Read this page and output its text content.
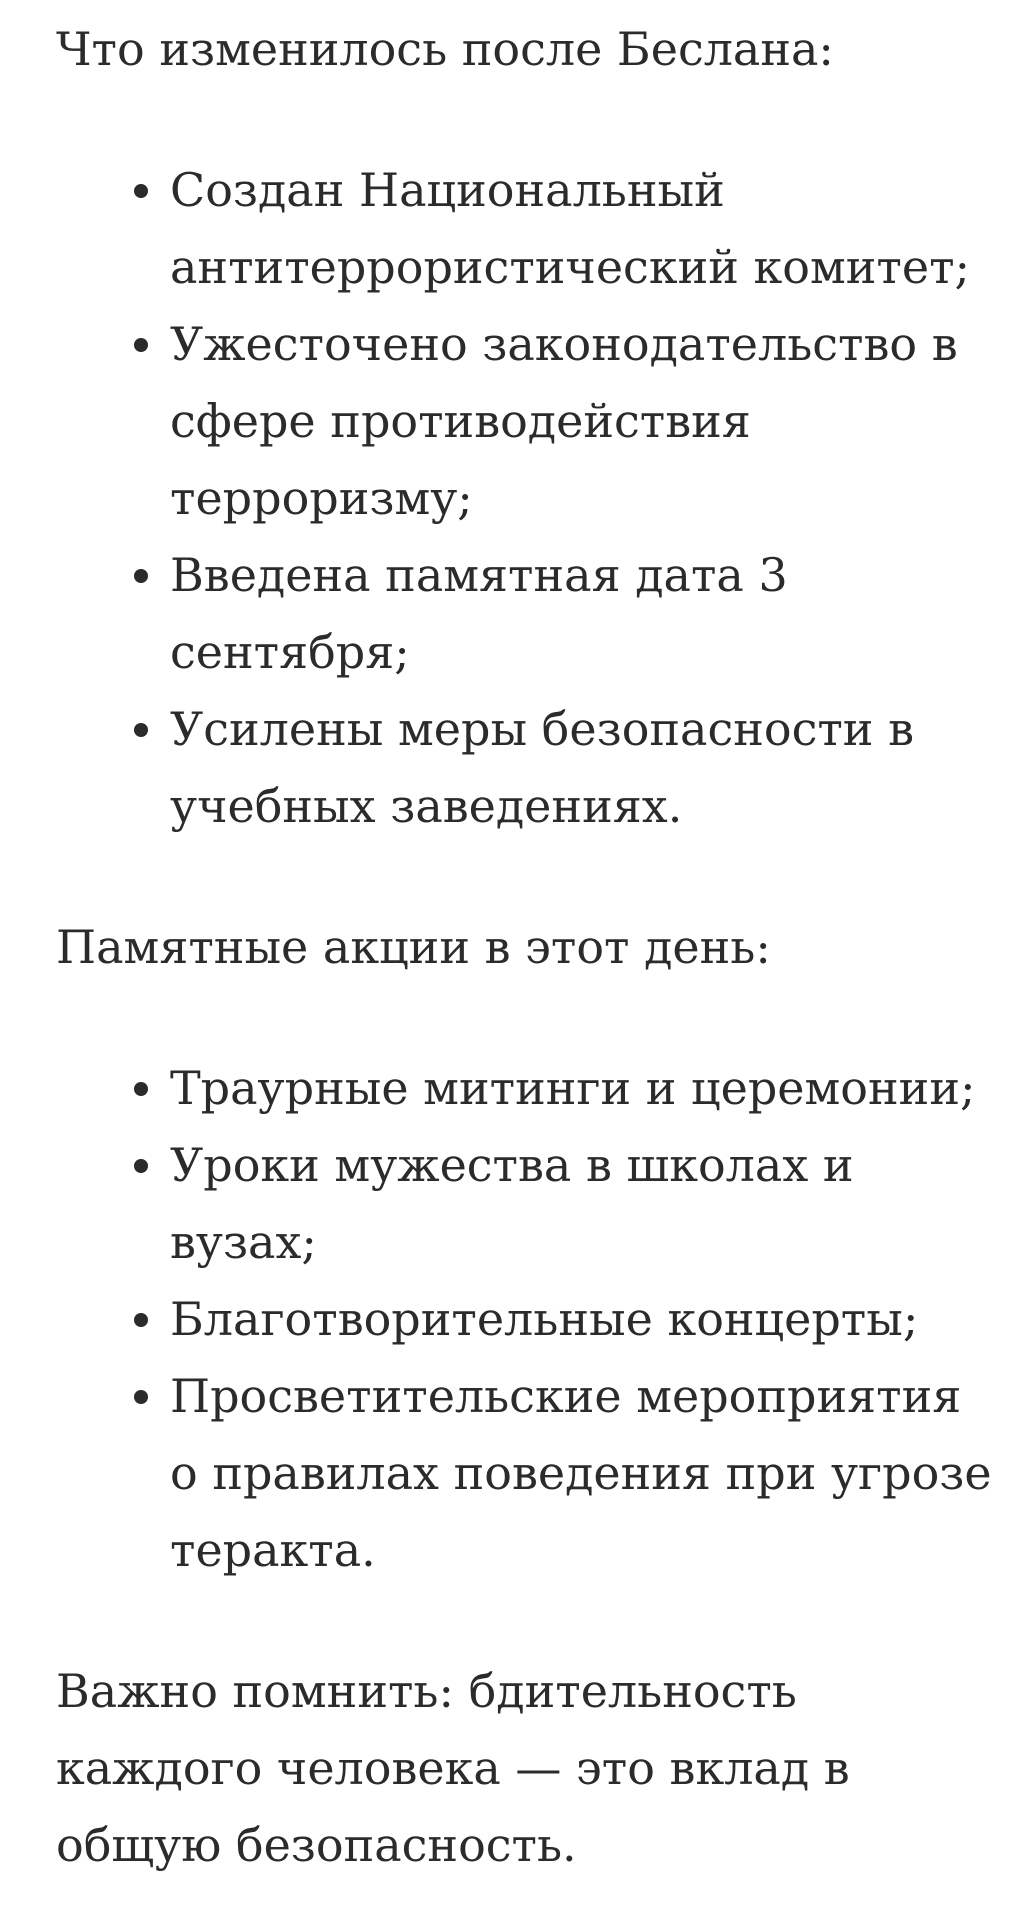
Что изменилось после Беслана:

Создан Национальный антитеррористический комитет;
Ужесточено законодательство в сфере противодействия терроризму;
Введена памятная дата 3 сентября;
Усилены меры безопасности в учебных заведениях.

Памятные акции в этот день:

Траурные митинги и церемонии;
Уроки мужества в школах и вузах;
Благотворительные концерты;
Просветительские мероприятия о правилах поведения при угрозе теракта.

Важно помнить: бдительность каждого человека — это вклад в общую безопасность.
